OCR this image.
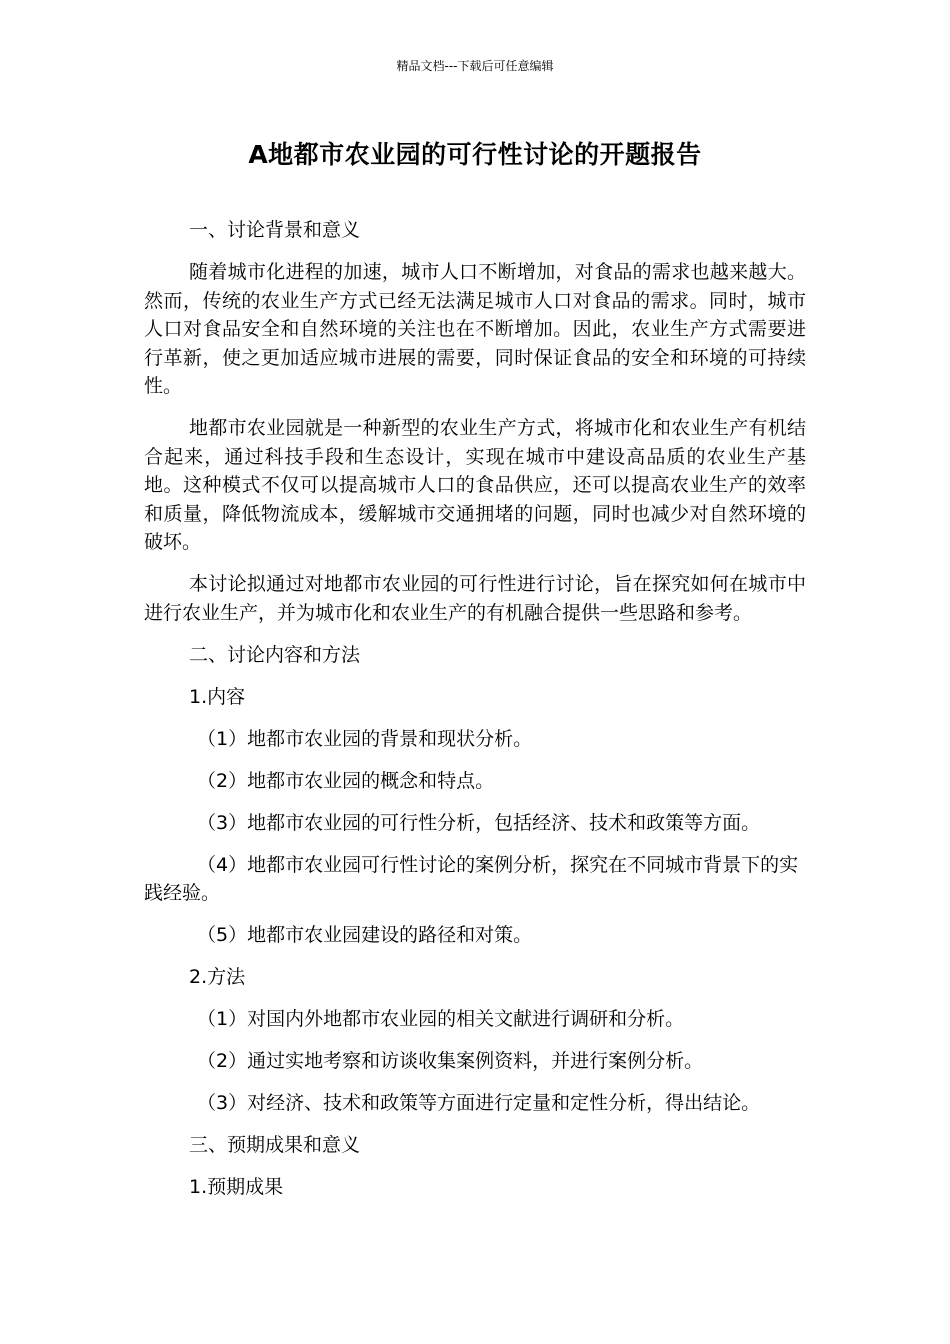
精品文档---下载后可任意编辑
A地都市农业园的可行性讨论的开题报告
一、讨论背景和意义
随着城市化进程的加速，城市人口不断增加，对食品的需求也越来越大。然而，传统的农业生产方式已经无法满足城市人口对食品的需求。同时，城市人口对食品安全和自然环境的关注也在不断增加。因此，农业生产方式需要进行革新，使之更加适应城市进展的需要，同时保证食品的安全和环境的可持续性。
地都市农业园就是一种新型的农业生产方式，将城市化和农业生产有机结合起来，通过科技手段和生态设计，实现在城市中建设高品质的农业生产基地。这种模式不仅可以提高城市人口的食品供应，还可以提高农业生产的效率和质量，降低物流成本，缓解城市交通拥堵的问题，同时也减少对自然环境的破坏。
本讨论拟通过对地都市农业园的可行性进行讨论，旨在探究如何在城市中进行农业生产，并为城市化和农业生产的有机融合提供一些思路和参考。
二、讨论内容和方法
1.内容
（1）地都市农业园的背景和现状分析。
（2）地都市农业园的概念和特点。
（3）地都市农业园的可行性分析，包括经济、技术和政策等方面。
（4）地都市农业园可行性讨论的案例分析，探究在不同城市背景下的实践经验。
（5）地都市农业园建设的路径和对策。
2.方法
（1）对国内外地都市农业园的相关文献进行调研和分析。
（2）通过实地考察和访谈收集案例资料，并进行案例分析。
（3）对经济、技术和政策等方面进行定量和定性分析，得出结论。
三、预期成果和意义
1.预期成果
